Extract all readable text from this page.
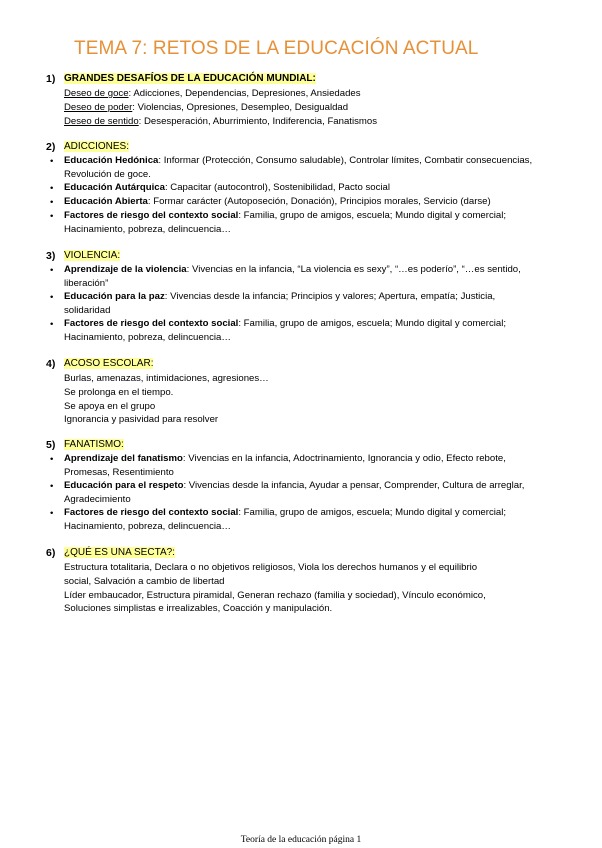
TEMA 7: RETOS DE LA EDUCACIÓN ACTUAL
1) GRANDES DESAFÍOS DE LA EDUCACIÓN MUNDIAL:
Deseo de goce: Adicciones, Dependencias, Depresiones, Ansiedades
Deseo de poder: Violencias, Opresiones, Desempleo, Desigualdad
Deseo de sentido: Desesperación, Aburrimiento, Indiferencia, Fanatismos
2) ADICCIONES:
• Educación Hedónica: Informar (Protección, Consumo saludable), Controlar límites, Combatir consecuencias, Revolución de goce.
• Educación Autárquica: Capacitar (autocontrol), Sostenibilidad, Pacto social
• Educación Abierta: Formar carácter (Autoposeción, Donación), Principios morales, Servicio (darse)
• Factores de riesgo del contexto social: Familia, grupo de amigos, escuela; Mundo digital y comercial; Hacinamiento, pobreza, delincuencia…
3) VIOLENCIA:
• Aprendizaje de la violencia: Vivencias en la infancia, “La violencia es sexy”, “…es poderío”, “…es sentido, liberación”
• Educación para la paz: Vivencias desde la infancia; Principios y valores; Apertura, empatía; Justicia, solidaridad
• Factores de riesgo del contexto social: Familia, grupo de amigos, escuela; Mundo digital y comercial; Hacinamiento, pobreza, delincuencia…
4) ACOSO ESCOLAR:
Burlas, amenazas, intimidaciones, agresiones…
Se prolonga en el tiempo.
Se apoya en el grupo
Ignorancia y pasividad para resolver
5) FANATISMO:
• Aprendizaje del fanatismo: Vivencias en la infancia, Adoctrinamiento, Ignorancia y odio, Efecto rebote, Promesas, Resentimiento
• Educación para el respeto: Vivencias desde la infancia, Ayudar a pensar, Comprender, Cultura de arreglar, Agradecimiento
• Factores de riesgo del contexto social: Familia, grupo de amigos, escuela; Mundo digital y comercial; Hacinamiento, pobreza, delincuencia…
6) ¿QUÉ ES UNA SECTA?:
Estructura totalitaria, Declara o no objetivos religiosos, Viola los derechos humanos y el equilibrio
social, Salvación a cambio de libertad
Líder embaucador, Estructura piramidal, Generan rechazo (familia y sociedad), Vínculo económico,
Soluciones simplistas e irrealizables, Coacción y manipulación.
Teoría de la educación página 1
